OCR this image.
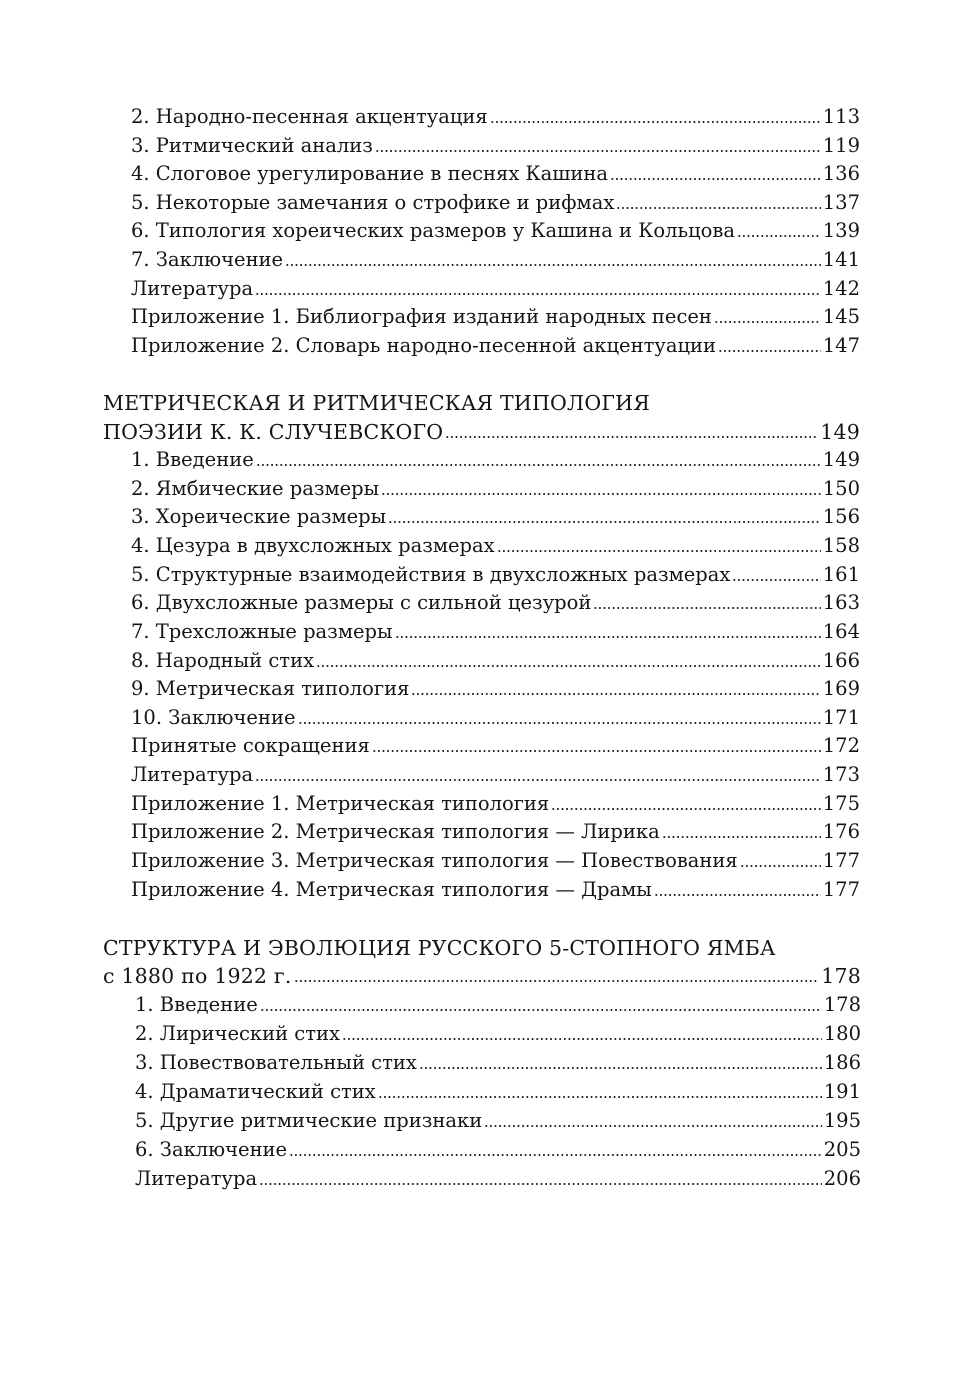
2. Народно-песенная акцентуация	113
3. Ритмический анализ	119
4. Слоговое урегулирование в песнях Кашина	136
5. Некоторые замечания о строфике и рифмах	137
6. Типология хореических размеров у Кашина и Кольцова	139
7. Заключение	141
Литература	142
Приложение 1. Библиография изданий народных песен	145
Приложение 2. Словарь народно-песенной акцентуации	147
МЕТРИЧЕСКАЯ И РИТМИЧЕСКАЯ ТИПОЛОГИЯ
ПОЭЗИИ К. К. СЛУЧЕВСКОГО	149
1. Введение	149
2. Ямбические размеры	150
3. Хореические размеры	156
4. Цезура в двухсложных размерах	158
5. Структурные взаимодействия в двухсложных размерах	161
6. Двухсложные размеры с сильной цезурой	163
7. Трехсложные размеры	164
8. Народный стих	166
9. Метрическая типология	169
10. Заключение	171
Принятые сокращения	172
Литература	173
Приложение 1. Метрическая типология	175
Приложение 2. Метрическая типология — Лирика	176
Приложение 3. Метрическая типология — Повествования	177
Приложение 4. Метрическая типология — Драмы	177
СТРУКТУРА И ЭВОЛЮЦИЯ РУССКОГО 5-СТОПНОГО ЯМБА
с 1880 по 1922 г.	178
1. Введение	178
2. Лирический стих	180
3. Повествовательный стих	186
4. Драматический стих	191
5. Другие ритмические признаки	195
6. Заключение	205
Литература	206
